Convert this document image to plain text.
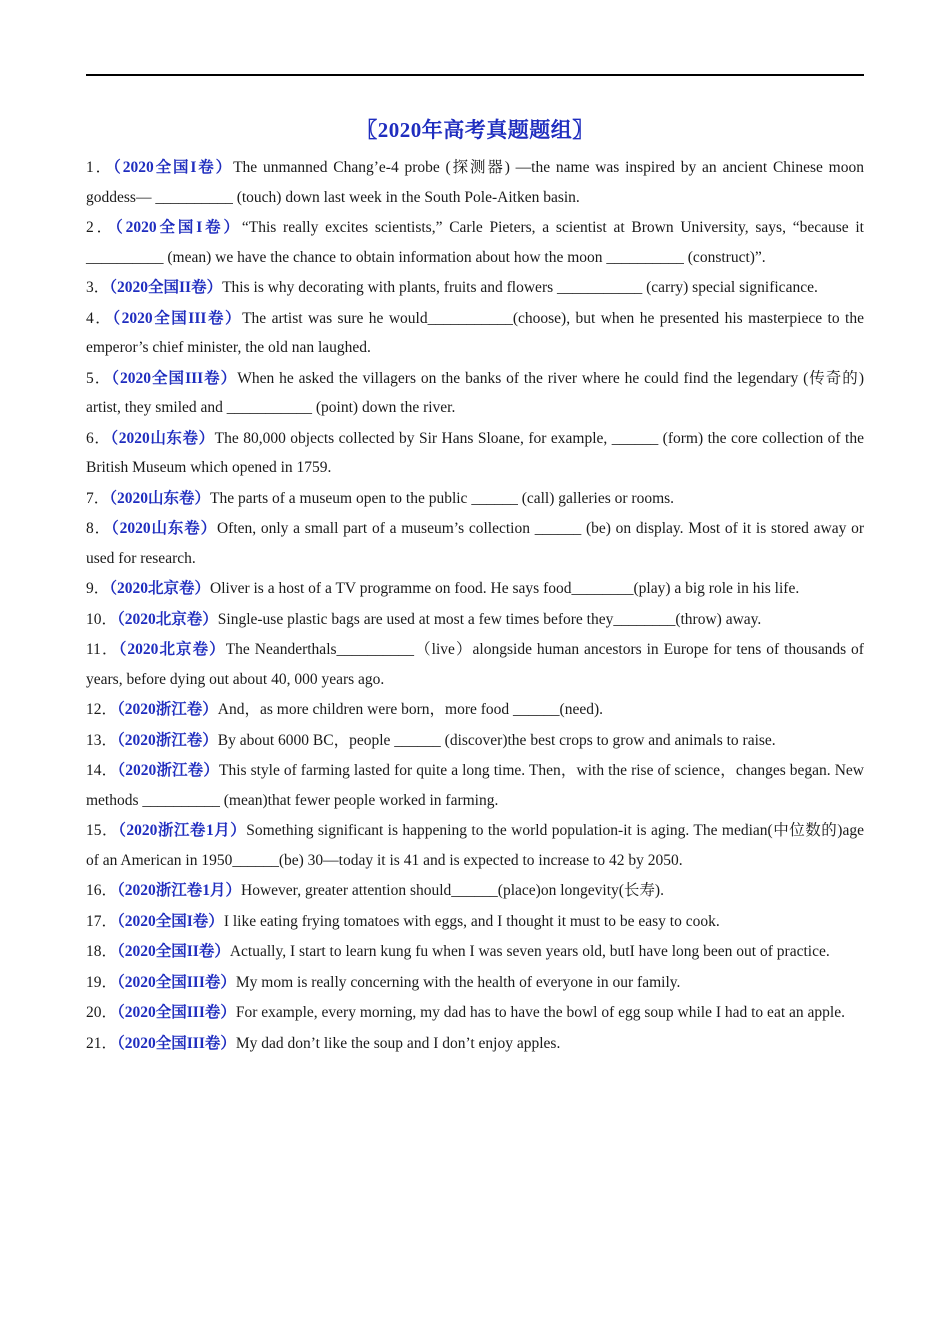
〖2020年高考真题题组〗
1．（2020全国I卷）The unmanned Chang’e-4 probe (探测器) —the name was inspired by an ancient Chinese moon goddess— __________ (touch) down last week in the South Pole-Aitken basin.
2．（2020全国I卷）“This really excites scientists,” Carle Pieters, a scientist at Brown University, says, “because it __________ (mean) we have the chance to obtain information about how the moon __________ (construct)”.
3．（2020全国II卷）This is why decorating with plants, fruits and flowers ___________ (carry) special significance.
4．（2020全国III卷）The artist was sure he would___________(choose), but when he presented his masterpiece to the emperor’s chief minister, the old nan laughed.
5．（2020全国III卷）When he asked the villagers on the banks of the river where he could find the legendary (传奇的) artist, they smiled and ___________ (point) down the river.
6．（2020山东卷）The 80,000 objects collected by Sir Hans Sloane, for example, ______ (form) the core collection of the British Museum which opened in 1759.
7．（2020山东卷）The parts of a museum open to the public ______ (call) galleries or rooms.
8．（2020山东卷）Often, only a small part of a museum’s collection ______ (be) on display. Most of it is stored away or used for research.
9．（2020北京卷）Oliver is a host of a TV programme on food. He says food________(play) a big role in his life.
10．（2020北京卷）Single-use plastic bags are used at most a few times before they________(throw) away.
11．（2020北京卷）The Neanderthals__________（live）alongside human ancestors in Europe for tens of thousands of years, before dying out about 40, 000 years ago.
12．（2020浙江卷）And，as more children were born，more food ______(need).
13．（2020浙江卷）By about 6000 BC，people ______ (discover)the best crops to grow and animals to raise.
14．（2020浙江卷）This style of farming lasted for quite a long time. Then，with the rise of science，changes began. New methods __________ (mean)that fewer people worked in farming.
15．（2020浙江卷1月）Something significant is happening to the world population-it is aging. The median(中位数的)age of an American in 1950______(be) 30—today it is 41 and is expected to increase to 42 by 2050.
16．（2020浙江卷1月）However, greater attention should______(place)on longevity(长寿).
17．（2020全国I卷）I like eating frying tomatoes with eggs, and I thought it must to be easy to cook.
18．（2020全国II卷）Actually, I start to learn kung fu when I was seven years old, butI have long been out of practice.
19．（2020全国III卷）My mom is really concerning with the health of everyone in our family.
20．（2020全国III卷）For example, every morning, my dad has to have the bowl of egg soup while I had to eat an apple.
21．（2020全国III卷）My dad don’t like the soup and I don’t enjoy apples.
